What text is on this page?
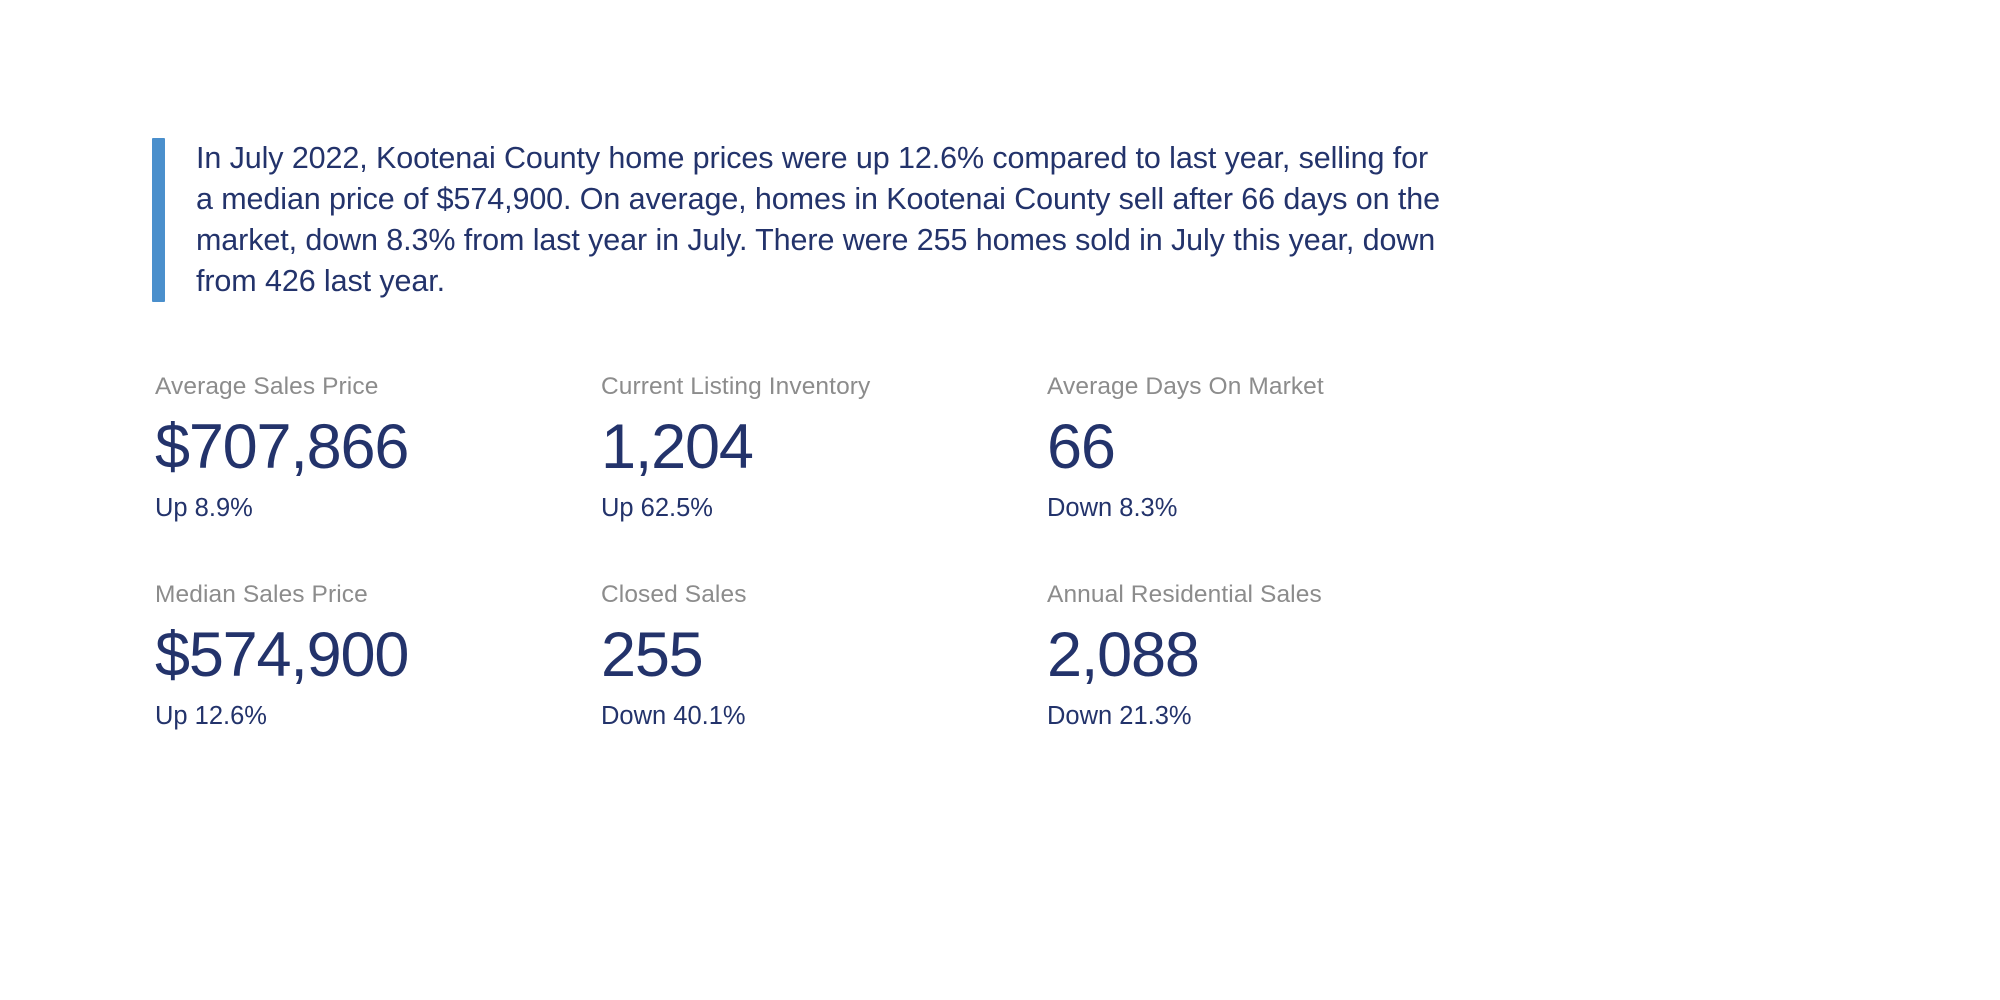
In July 2022, Kootenai County home prices were up 12.6% compared to last year, selling for a median price of $574,900. On average, homes in Kootenai County sell after 66 days on the market, down 8.3% from last year in July. There were 255 homes sold in July this year, down from 426 last year.
Average Sales Price
$707,866
Up 8.9%
Current Listing Inventory
1,204
Up 62.5%
Average Days On Market
66
Down 8.3%
Median Sales Price
$574,900
Up 12.6%
Closed Sales
255
Down 40.1%
Annual Residential Sales
2,088
Down 21.3%
